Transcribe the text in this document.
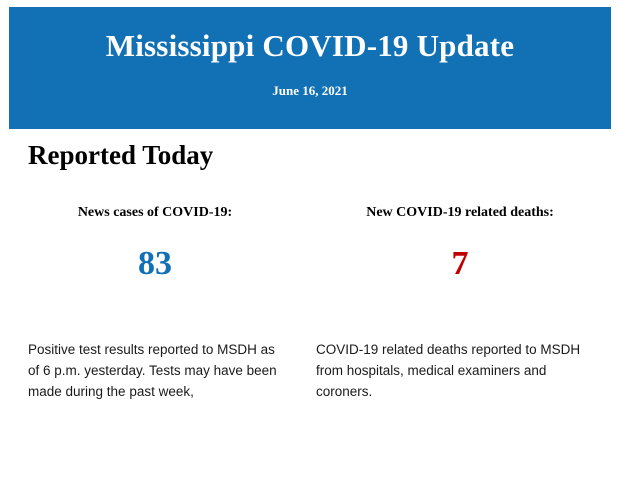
Mississippi COVID-19 Update
June 16, 2021
Reported Today
News cases of COVID-19:
83
New COVID-19 related deaths:
7
Positive test results reported to MSDH as of 6 p.m. yesterday. Tests may have been made during the past week,
COVID-19 related deaths reported to MSDH from hospitals, medical examiners and coroners.
